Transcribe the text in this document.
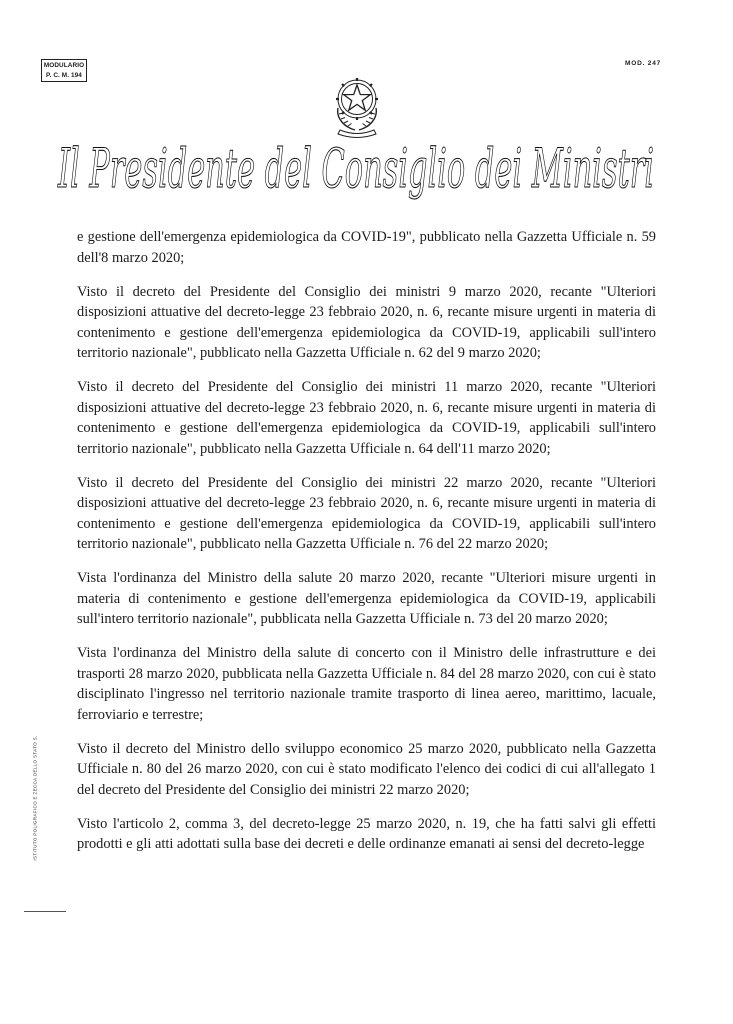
MODULARIO
P. C. M. 194
MOD. 247
Il Presidente del Consiglio dei Ministri

e gestione dell'emergenza epidemiologica da COVID-19", pubblicato nella Gazzetta Ufficiale n. 59 dell'8 marzo 2020;

Visto il decreto del Presidente del Consiglio dei ministri 9 marzo 2020, recante "Ulteriori disposizioni attuative del decreto-legge 23 febbraio 2020, n. 6, recante misure urgenti in materia di contenimento e gestione dell'emergenza epidemiologica da COVID-19, applicabili sull'intero territorio nazionale", pubblicato nella Gazzetta Ufficiale n. 62 del 9 marzo 2020;

Visto il decreto del Presidente del Consiglio dei ministri 11 marzo 2020, recante "Ulteriori disposizioni attuative del decreto-legge 23 febbraio 2020, n. 6, recante misure urgenti in materia di contenimento e gestione dell'emergenza epidemiologica da COVID-19, applicabili sull'intero territorio nazionale", pubblicato nella Gazzetta Ufficiale n. 64 dell'11 marzo 2020;

Visto il decreto del Presidente del Consiglio dei ministri 22 marzo 2020, recante "Ulteriori disposizioni attuative del decreto-legge 23 febbraio 2020, n. 6, recante misure urgenti in materia di contenimento e gestione dell'emergenza epidemiologica da COVID-19, applicabili sull'intero territorio nazionale", pubblicato nella Gazzetta Ufficiale n. 76 del 22 marzo 2020;

Vista l'ordinanza del Ministro della salute 20 marzo 2020, recante "Ulteriori misure urgenti in materia di contenimento e gestione dell'emergenza epidemiologica da COVID-19, applicabili sull'intero territorio nazionale", pubblicata nella Gazzetta Ufficiale n. 73 del 20 marzo 2020;

Vista l'ordinanza del Ministro della salute di concerto con il Ministro delle infrastrutture e dei trasporti 28 marzo 2020, pubblicata nella Gazzetta Ufficiale n. 84 del 28 marzo 2020, con cui è stato disciplinato l'ingresso nel territorio nazionale tramite trasporto di linea aereo, marittimo, lacuale, ferroviario e terrestre;

Visto il decreto del Ministro dello sviluppo economico 25 marzo 2020, pubblicato nella Gazzetta Ufficiale n. 80 del 26 marzo 2020, con cui è stato modificato l'elenco dei codici di cui all'allegato 1 del decreto del Presidente del Consiglio dei ministri 22 marzo 2020;

Visto l'articolo 2, comma 3, del decreto-legge 25 marzo 2020, n. 19, che ha fatti salvi gli effetti prodotti e gli atti adottati sulla base dei decreti e delle ordinanze emanati ai sensi del decreto-legge

ISTITUTO POLIGRAFICO E ZECCA DELLO STATO S.
